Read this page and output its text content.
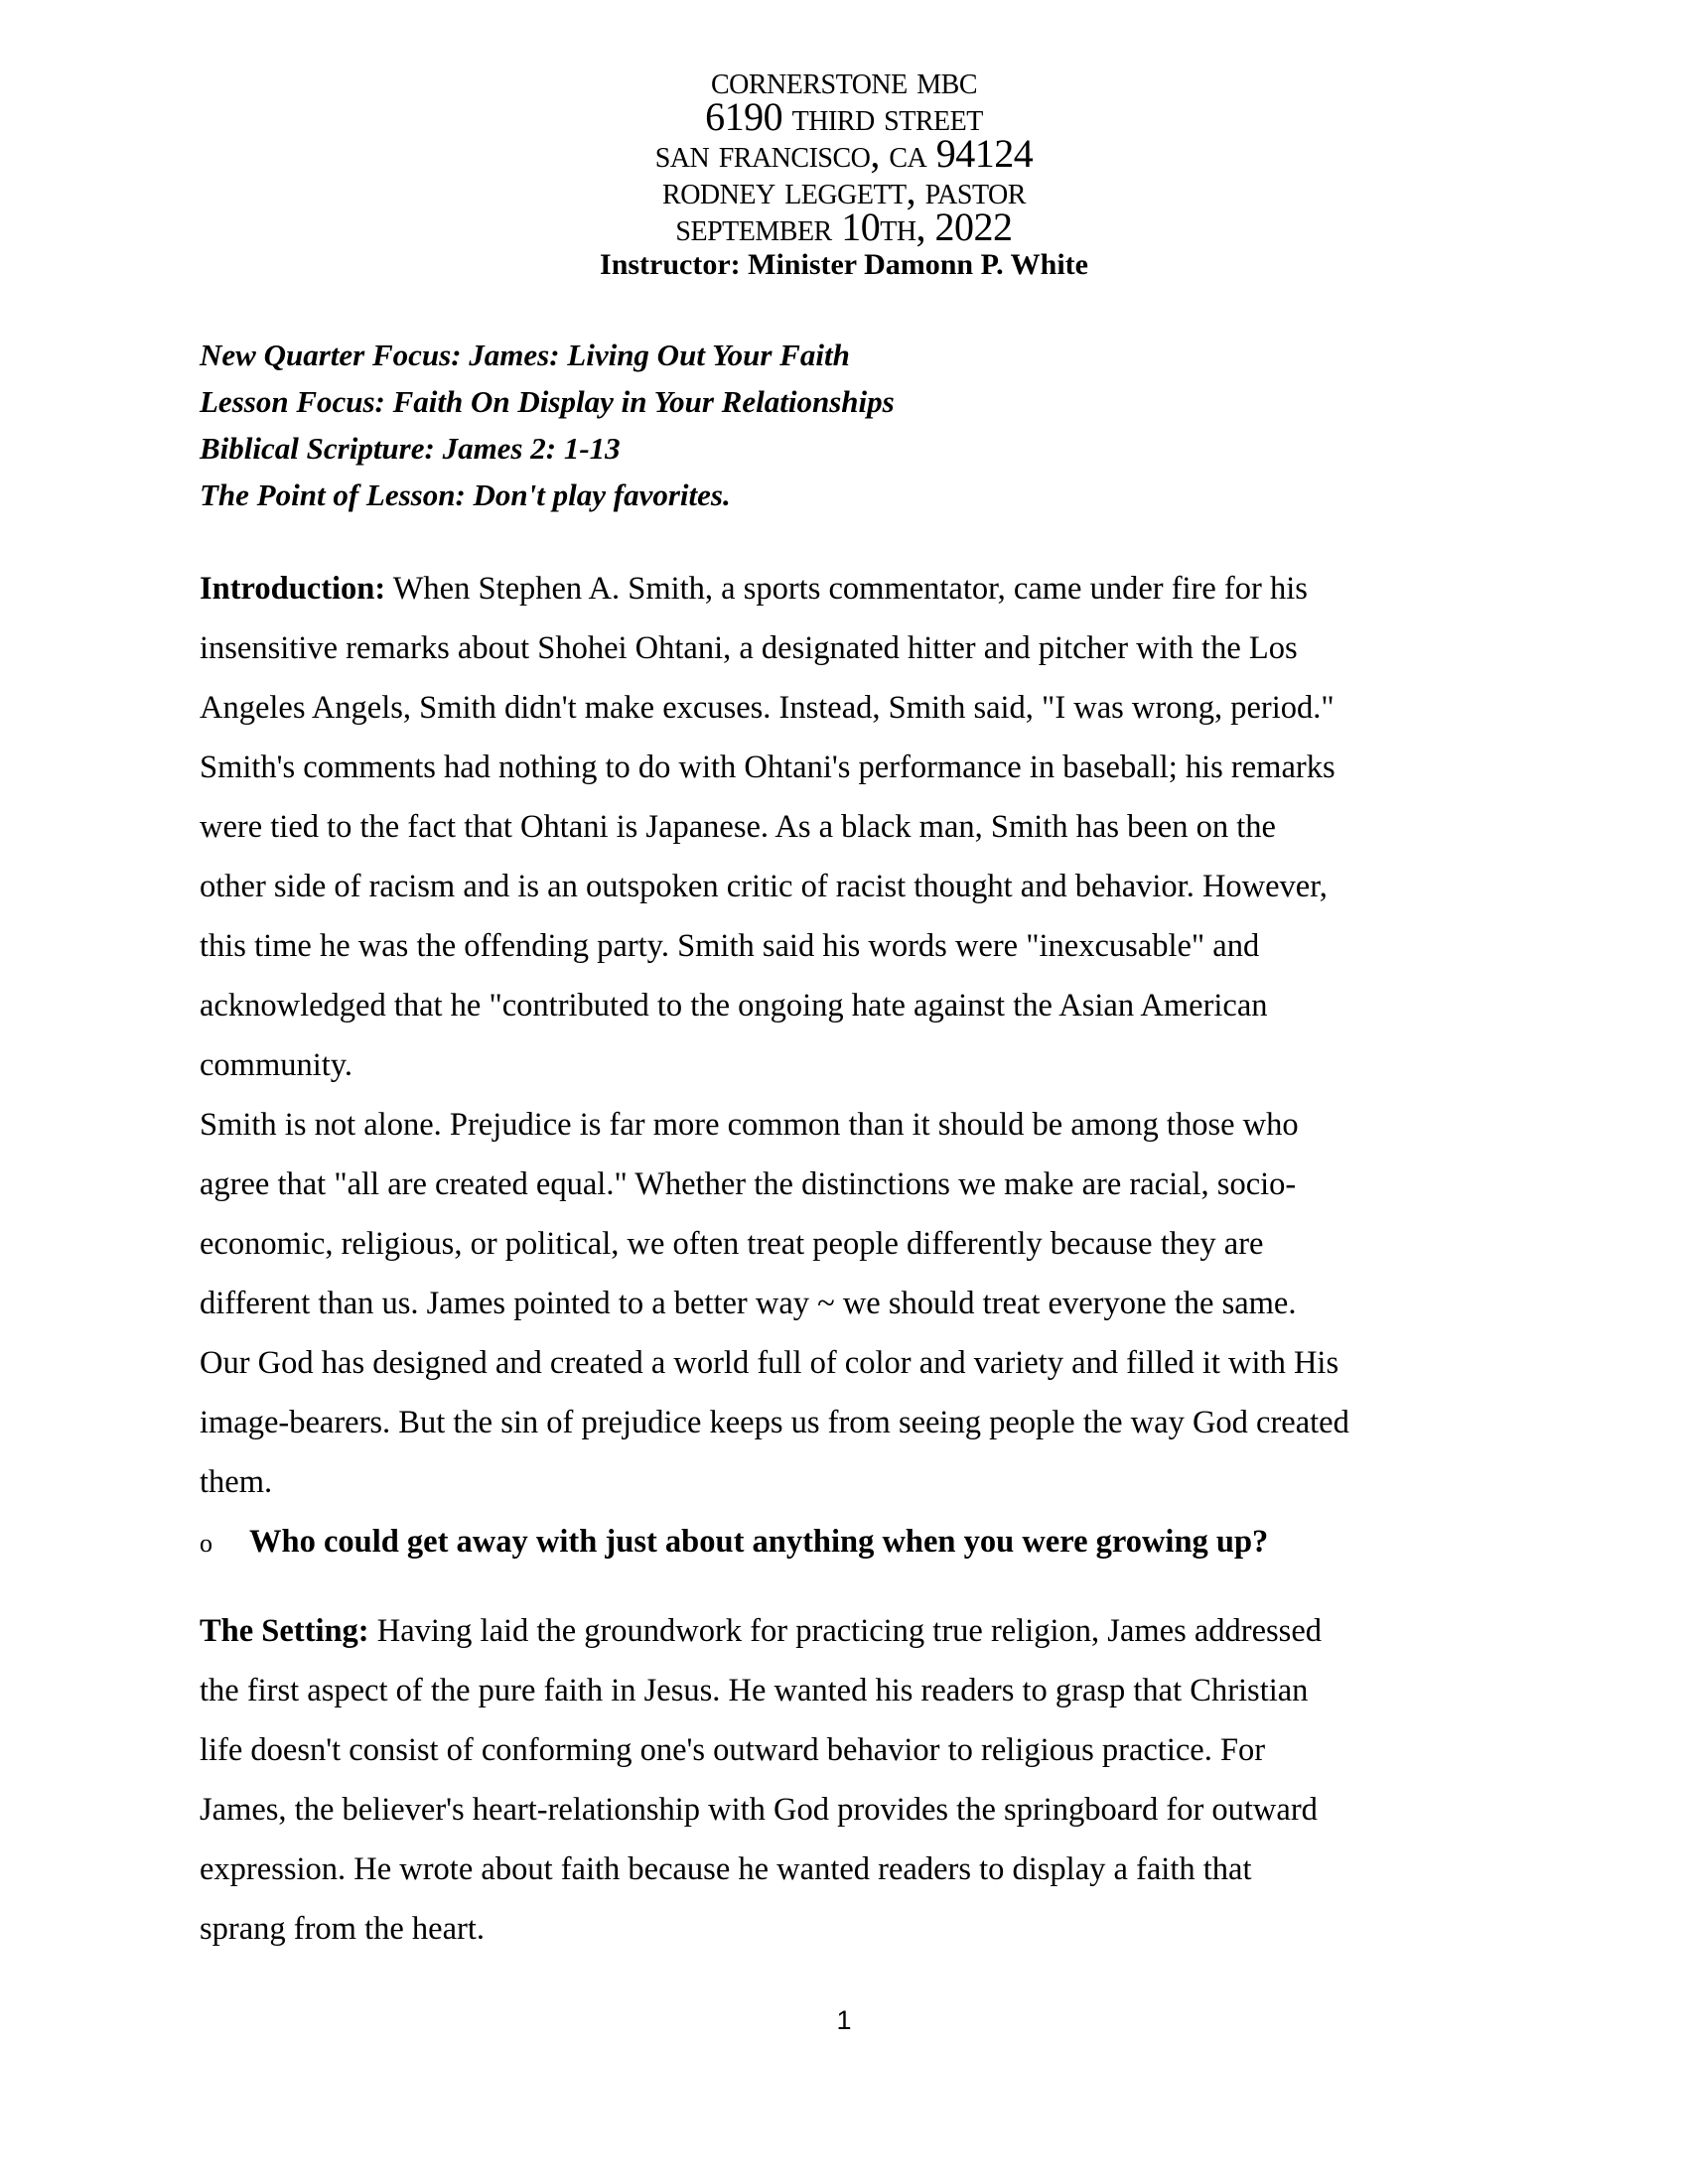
cornerstone mbc
6190 third street
san francisco, ca 94124
rodney leggett, pastor
september 10th, 2022
Instructor: Minister Damonn P. White
New Quarter Focus: James: Living Out Your Faith
Lesson Focus: Faith On Display in Your Relationships
Biblical Scripture: James 2: 1-13
The Point of Lesson: Don't play favorites.

Introduction: When Stephen A. Smith, a sports commentator, came under fire for his
insensitive remarks about Shohei Ohtani, a designated hitter and pitcher with the Los
Angeles Angels, Smith didn't make excuses. Instead, Smith said, "I was wrong, period."
Smith's comments had nothing to do with Ohtani's performance in baseball; his remarks
were tied to the fact that Ohtani is Japanese. As a black man, Smith has been on the
other side of racism and is an outspoken critic of racist thought and behavior. However,
this time he was the offending party. Smith said his words were "inexcusable" and
acknowledged that he "contributed to the ongoing hate against the Asian American
community.

Smith is not alone. Prejudice is far more common than it should be among those who
agree that "all are created equal." Whether the distinctions we make are racial, socio-
economic, religious, or political, we often treat people differently because they are
different than us. James pointed to a better way ~ we should treat everyone the same.
Our God has designed and created a world full of color and variety and filled it with His
image-bearers. But the sin of prejudice keeps us from seeing people the way God created
them.

o Who could get away with just about anything when you were growing up?

The Setting: Having laid the groundwork for practicing true religion, James addressed
the first aspect of the pure faith in Jesus. He wanted his readers to grasp that Christian
life doesn't consist of conforming one's outward behavior to religious practice. For
James, the believer's heart-relationship with God provides the springboard for outward
expression. He wrote about faith because he wanted readers to display a faith that
sprang from the heart.

1
